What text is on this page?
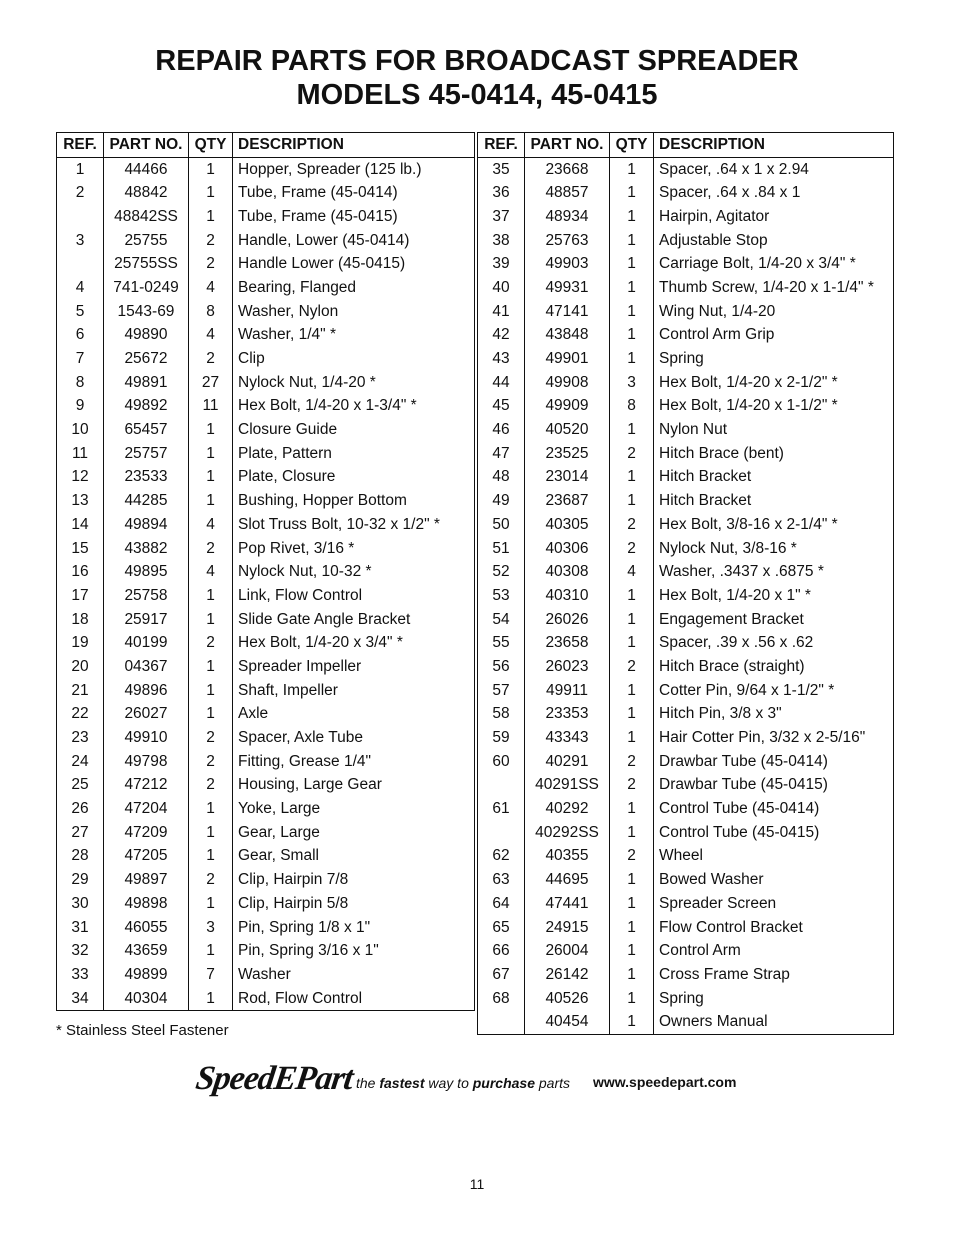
REPAIR PARTS FOR BROADCAST SPREADER
MODELS 45-0414, 45-0415
REF.	PART NO.	QTY	DESCRIPTION
1	44466	1	Hopper, Spreader (125 lb.)
2	48842	1	Tube, Frame (45-0414)
	48842SS	1	Tube, Frame (45-0415)
3	25755	2	Handle, Lower (45-0414)
	25755SS	2	Handle Lower (45-0415)
4	741-0249	4	Bearing, Flanged
5	1543-69	8	Washer, Nylon
6	49890	4	Washer, 1/4" *
7	25672	2	Clip
8	49891	27	Nylock Nut, 1/4-20 *
9	49892	11	Hex Bolt, 1/4-20 x 1-3/4" *
10	65457	1	Closure Guide
11	25757	1	Plate, Pattern
12	23533	1	Plate, Closure
13	44285	1	Bushing, Hopper Bottom
14	49894	4	Slot Truss Bolt, 10-32 x 1/2" *
15	43882	2	Pop Rivet, 3/16 *
16	49895	4	Nylock Nut, 10-32 *
17	25758	1	Link, Flow Control
18	25917	1	Slide Gate Angle Bracket
19	40199	2	Hex Bolt, 1/4-20 x 3/4" *
20	04367	1	Spreader Impeller
21	49896	1	Shaft, Impeller
22	26027	1	Axle
23	49910	2	Spacer, Axle Tube
24	49798	2	Fitting, Grease 1/4"
25	47212	2	Housing, Large Gear
26	47204	1	Yoke, Large
27	47209	1	Gear, Large
28	47205	1	Gear, Small
29	49897	2	Clip, Hairpin 7/8
30	49898	1	Clip, Hairpin 5/8
31	46055	3	Pin, Spring 1/8 x 1"
32	43659	1	Pin, Spring 3/16 x 1"
33	49899	7	Washer
34	40304	1	Rod, Flow Control
REF.	PART NO.	QTY	DESCRIPTION
35	23668	1	Spacer, .64 x 1 x 2.94
36	48857	1	Spacer, .64 x .84 x 1
37	48934	1	Hairpin, Agitator
38	25763	1	Adjustable Stop
39	49903	1	Carriage Bolt, 1/4-20 x 3/4" *
40	49931	1	Thumb Screw, 1/4-20 x 1-1/4" *
41	47141	1	Wing Nut, 1/4-20
42	43848	1	Control Arm Grip
43	49901	1	Spring
44	49908	3	Hex Bolt, 1/4-20 x 2-1/2" *
45	49909	8	Hex Bolt, 1/4-20 x 1-1/2" *
46	40520	1	Nylon Nut
47	23525	2	Hitch Brace (bent)
48	23014	1	Hitch Bracket
49	23687	1	Hitch Bracket
50	40305	2	Hex Bolt, 3/8-16 x 2-1/4" *
51	40306	2	Nylock Nut, 3/8-16 *
52	40308	4	Washer, .3437 x .6875 *
53	40310	1	Hex Bolt, 1/4-20 x 1" *
54	26026	1	Engagement Bracket
55	23658	1	Spacer, .39 x .56 x .62
56	26023	2	Hitch Brace (straight)
57	49911	1	Cotter Pin, 9/64 x 1-1/2" *
58	23353	1	Hitch Pin, 3/8 x 3"
59	43343	1	Hair Cotter Pin, 3/32 x 2-5/16"
60	40291	2	Drawbar Tube (45-0414)
	40291SS	2	Drawbar Tube (45-0415)
61	40292	1	Control Tube (45-0414)
	40292SS	1	Control Tube (45-0415)
62	40355	2	Wheel
63	44695	1	Bowed Washer
64	47441	1	Spreader Screen
65	24915	1	Flow Control Bracket
66	26004	1	Control Arm
67	26142	1	Cross Frame Strap
68	40526	1	Spring
	40454	1	Owners Manual
* Stainless Steel Fastener
SpeedEPart the fastest way to purchase parts www.speedepart.com
11
